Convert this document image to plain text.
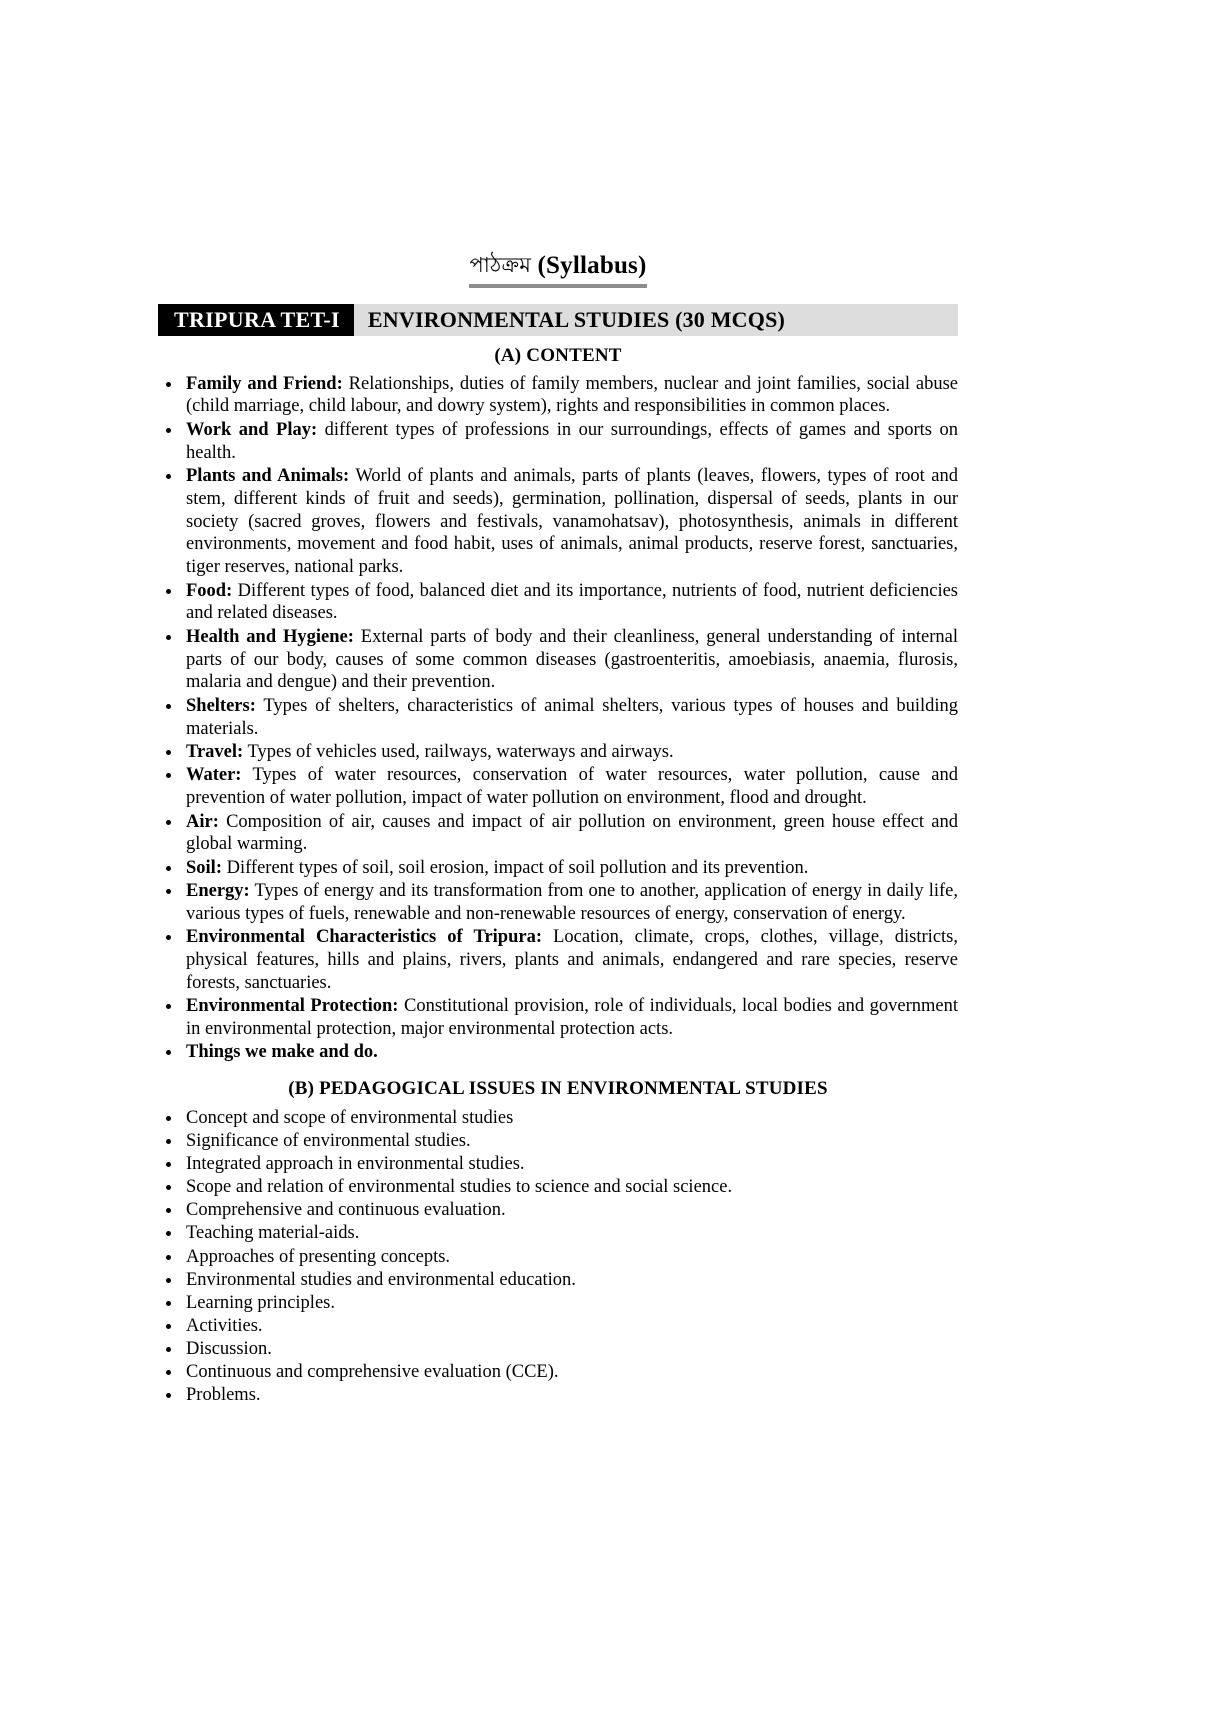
পাঠক্রম (Syllabus)
TRIPURA TET-I	ENVIRONMENTAL STUDIES (30 MCQS)
(A) CONTENT
Family and Friend: Relationships, duties of family members, nuclear and joint families, social abuse (child marriage, child labour, and dowry system), rights and responsibilities in common places.
Work and Play: different types of professions in our surroundings, effects of games and sports on health.
Plants and Animals: World of plants and animals, parts of plants (leaves, flowers, types of root and stem, different kinds of fruit and seeds), germination, pollination, dispersal of seeds, plants in our society (sacred groves, flowers and festivals, vanamohatsav), photosynthesis, animals in different environments, movement and food habit, uses of animals, animal products, reserve forest, sanctuaries, tiger reserves, national parks.
Food: Different types of food, balanced diet and its importance, nutrients of food, nutrient deficiencies and related diseases.
Health and Hygiene: External parts of body and their cleanliness, general understanding of internal parts of our body, causes of some common diseases (gastroenteritis, amoebiasis, anaemia, flurosis, malaria and dengue) and their prevention.
Shelters: Types of shelters, characteristics of animal shelters, various types of houses and building materials.
Travel: Types of vehicles used, railways, waterways and airways.
Water: Types of water resources, conservation of water resources, water pollution, cause and prevention of water pollution, impact of water pollution on environment, flood and drought.
Air: Composition of air, causes and impact of air pollution on environment, green house effect and global warming.
Soil: Different types of soil, soil erosion, impact of soil pollution and its prevention.
Energy: Types of energy and its transformation from one to another, application of energy in daily life, various types of fuels, renewable and non-renewable resources of energy, conservation of energy.
Environmental Characteristics of Tripura: Location, climate, crops, clothes, village, districts, physical features, hills and plains, rivers, plants and animals, endangered and rare species, reserve forests, sanctuaries.
Environmental Protection: Constitutional provision, role of individuals, local bodies and government in environmental protection, major environmental protection acts.
Things we make and do.
(B) PEDAGOGICAL ISSUES IN ENVIRONMENTAL STUDIES
Concept and scope of environmental studies
Significance of environmental studies.
Integrated approach in environmental studies.
Scope and relation of environmental studies to science and social science.
Comprehensive and continuous evaluation.
Teaching material-aids.
Approaches of presenting concepts.
Environmental studies and environmental education.
Learning principles.
Activities.
Discussion.
Continuous and comprehensive evaluation (CCE).
Problems.
